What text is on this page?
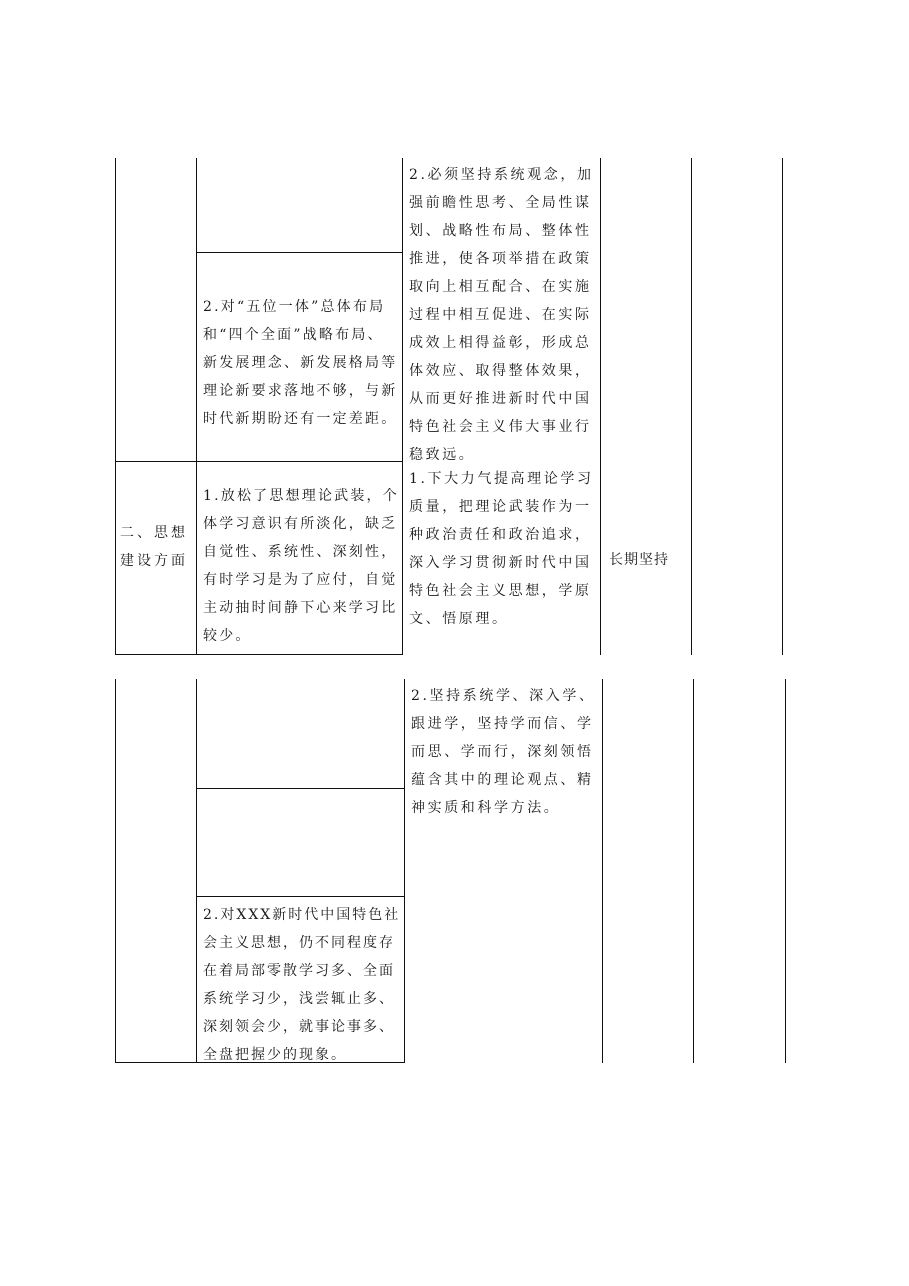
2.对“五位一体”总体布局和“四个全面”战略布局、新发展理念、新发展格局等理论新要求落地不够，与新时代新期盼还有一定差距。

二、思想建设方面

1.放松了思想理论武装，个体学习意识有所淡化，缺乏自觉性、系统性、深刻性，有时学习是为了应付，自觉主动抽时间静下心来学习比较少。

2.必须坚持系统观念，加强前瞻性思考、全局性谋划、战略性布局、整体性推进，使各项举措在政策取向上相互配合、在实施过程中相互促进、在实际成效上相得益彰，形成总体效应、取得整体效果，从而更好推进新时代中国特色社会主义伟大事业行稳致远。

1.下大力气提高理论学习质量，把理论武装作为一种政治责任和政治追求，深入学习贯彻新时代中国特色社会主义思想，学原文、悟原理。

长期坚持

2.坚持系统学、深入学、跟进学，坚持学而信、学而思、学而行，深刻领悟蕴含其中的理论观点、精神实质和科学方法。

2.对XXX新时代中国特色社会主义思想，仍不同程度存在着局部零散学习多、全面系统学习少，浅尝辄止多、深刻领会少，就事论事多、全盘把握少的现象。
